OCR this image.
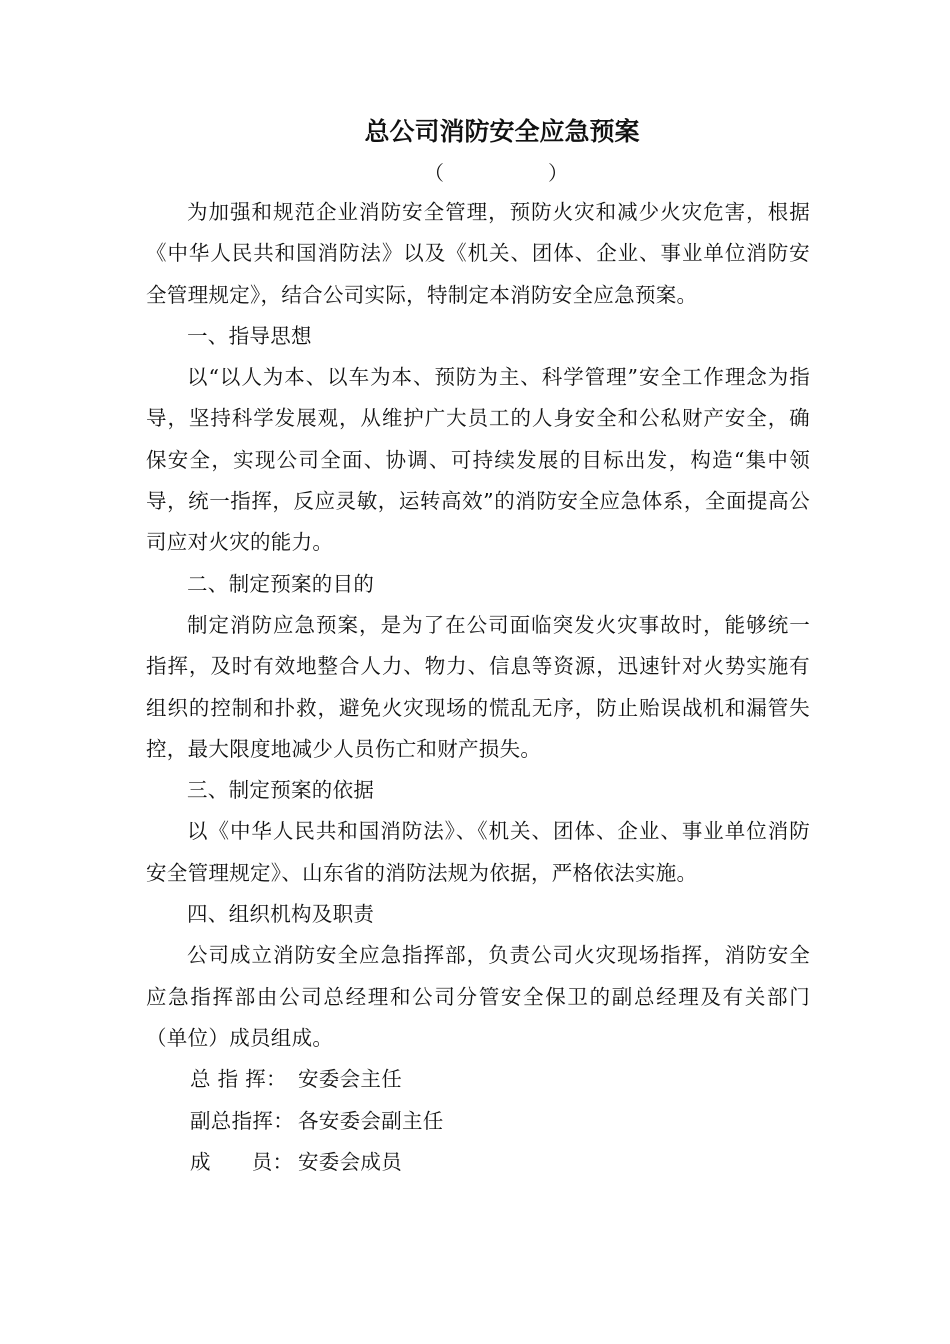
总公司消防安全应急预案
（	）

为加强和规范企业消防安全管理，预防火灾和减少火灾危害，根据《中华人民共和国消防法》以及《机关、团体、企业、事业单位消防安全管理规定》，结合公司实际，特制定本消防安全应急预案。

一、指导思想

以“以人为本、以车为本、预防为主、科学管理”安全工作理念为指导，坚持科学发展观，从维护广大员工的人身安全和公私财产安全，确保安全，实现公司全面、协调、可持续发展的目标出发，构造“集中领导，统一指挥，反应灵敏，运转高效”的消防安全应急体系，全面提高公司应对火灾的能力。

二、制定预案的目的

制定消防应急预案，是为了在公司面临突发火灾事故时，能够统一指挥，及时有效地整合人力、物力、信息等资源，迅速针对火势实施有组织的控制和扑救，避免火灾现场的慌乱无序，防止贻误战机和漏管失控，最大限度地减少人员伤亡和财产损失。

三、制定预案的依据

以《中华人民共和国消防法》、《机关、团体、企业、事业单位消防安全管理规定》、山东省的消防法规为依据，严格依法实施。

四、组织机构及职责

公司成立消防安全应急指挥部，负责公司火灾现场指挥，消防安全应急指挥部由公司总经理和公司分管安全保卫的副总经理及有关部门（单位）成员组成。

总 指 挥： 安委会主任
副总指挥： 各安委会副主任
成      员： 安委会成员
